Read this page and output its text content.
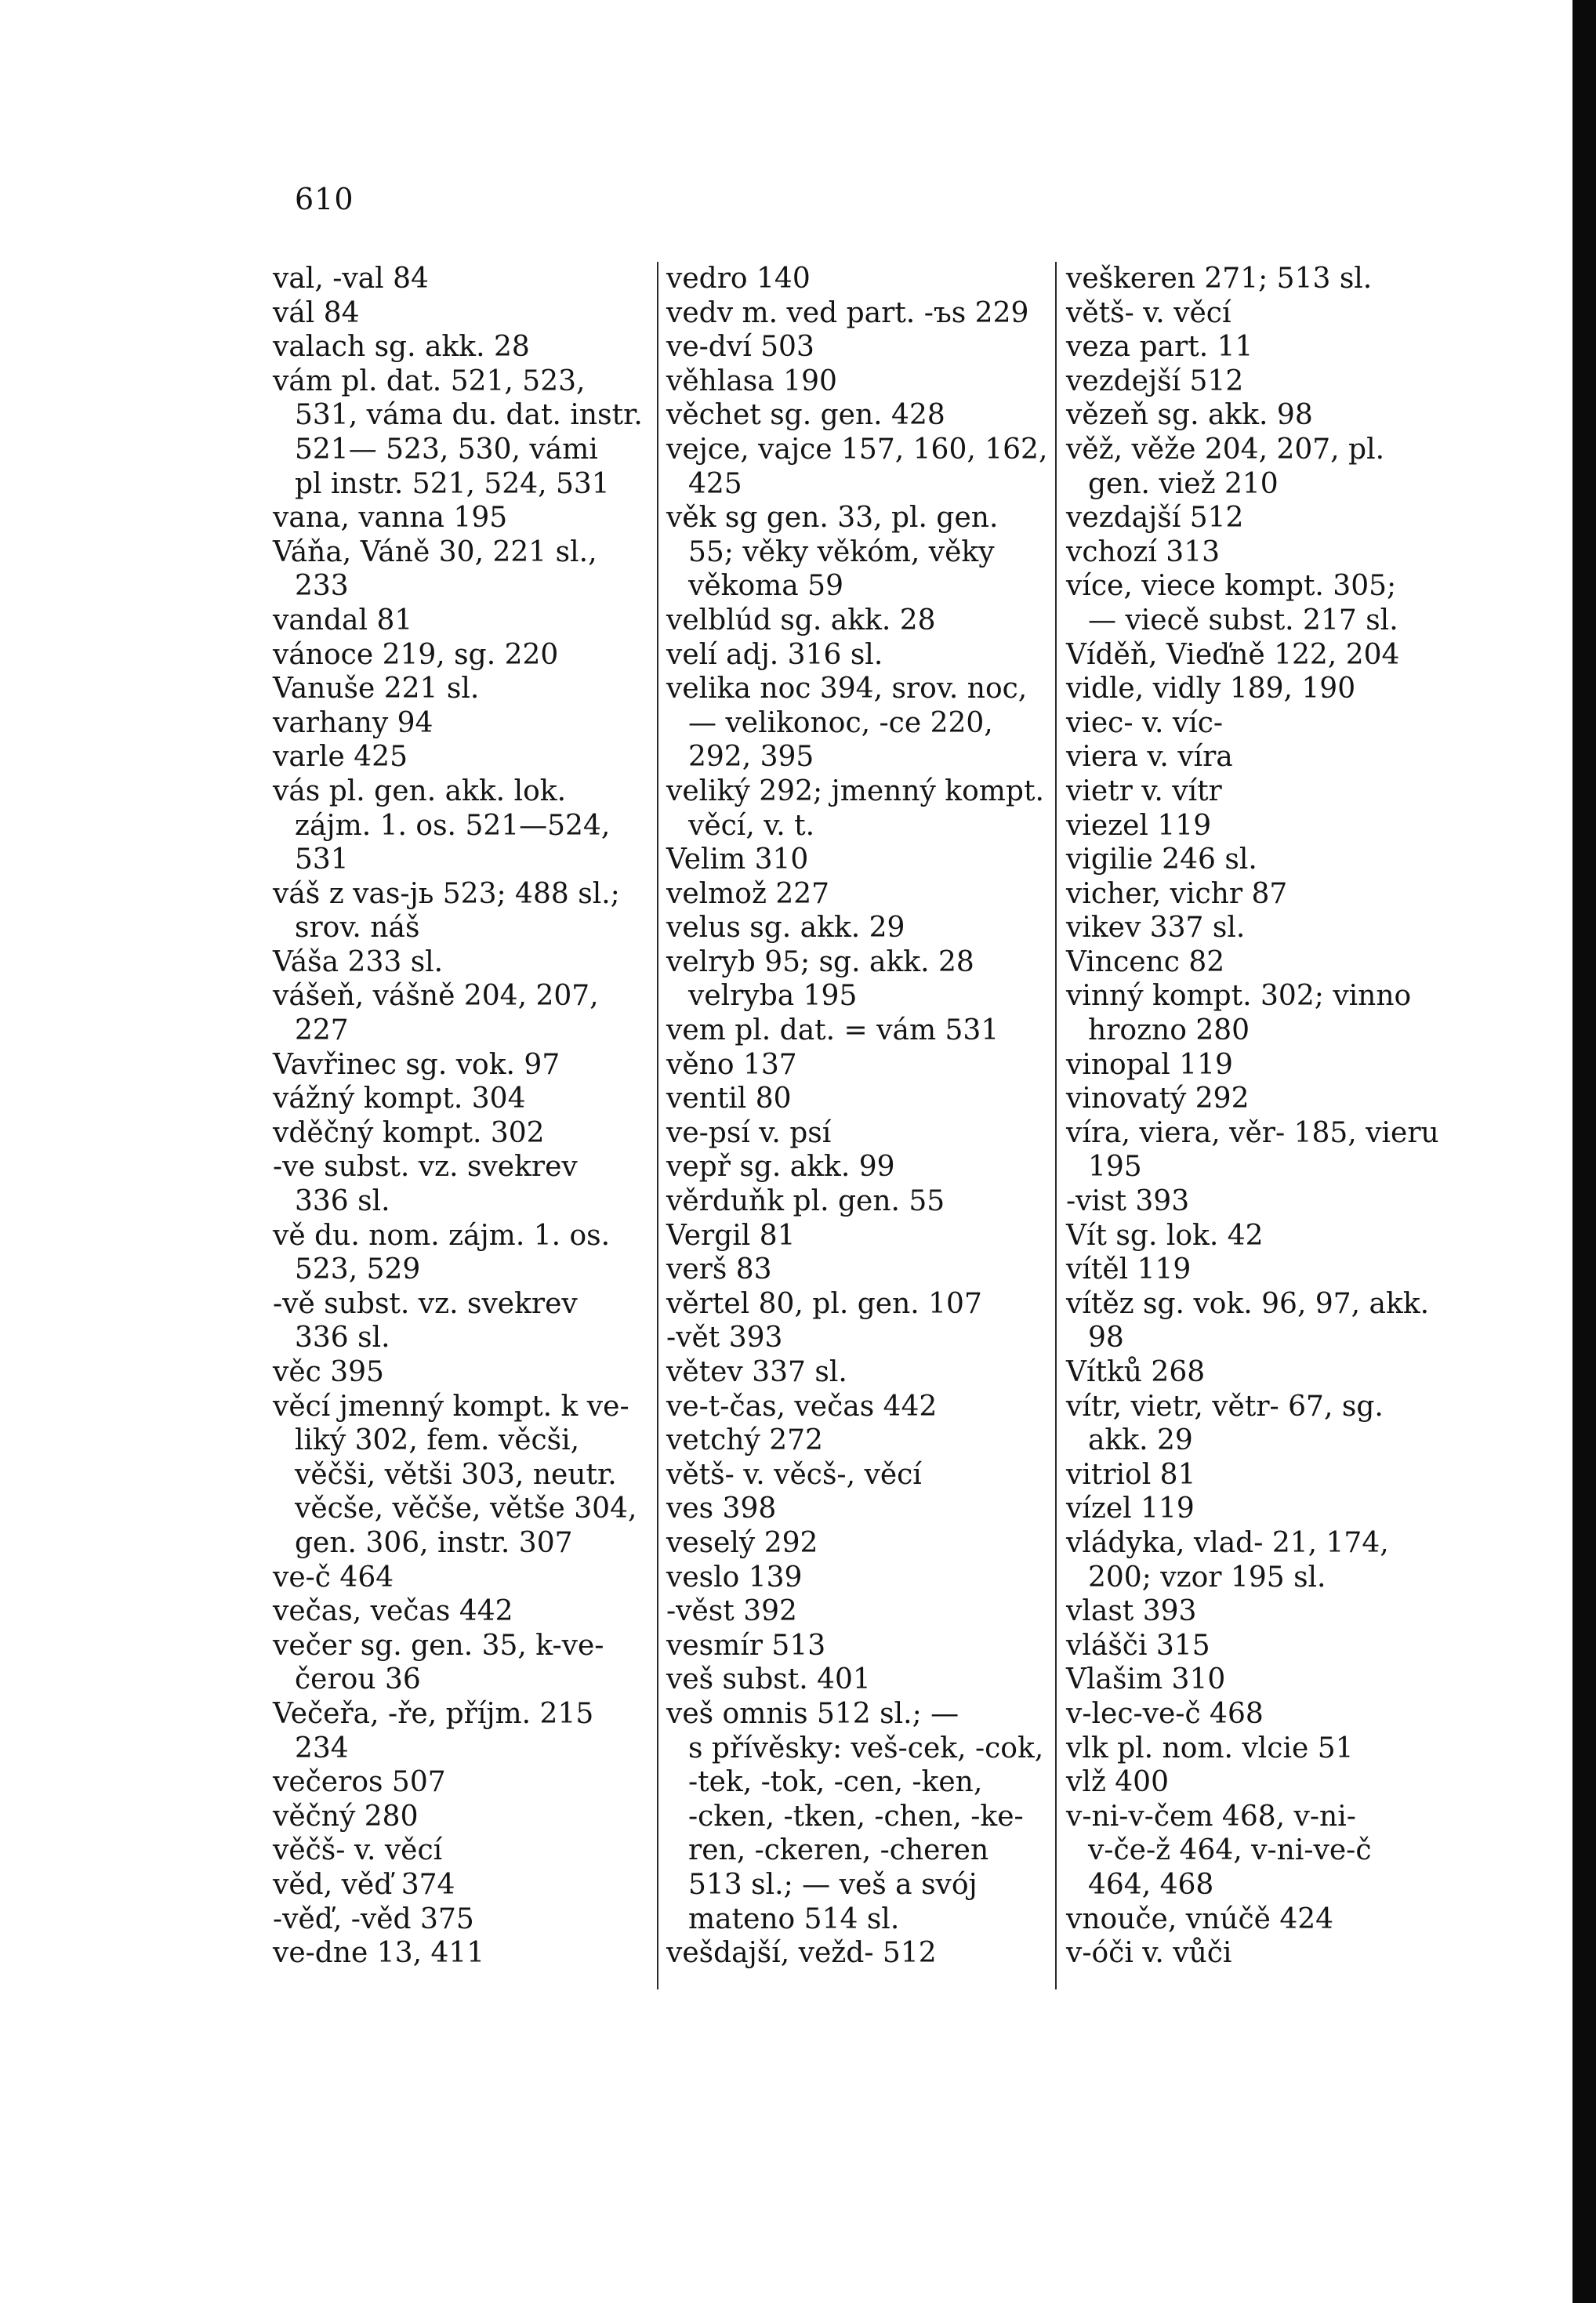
610
val, -val 84
vál 84
valach sg. akk. 28
vám pl. dat. 521, 523,
531, váma du. dat. instr.
521— 523, 530, vámi
pl instr. 521, 524, 531
vana, vanna 195
Váňa, Váně 30, 221 sl.,
233
vandal 81
vánoce 219, sg. 220
Vanuše 221 sl.
varhany 94
varle 425
vás pl. gen. akk. lok.
zájm. 1. os. 521—524,
531
váš z vas-jь 523; 488 sl.;
srov. náš
Váša 233 sl.
vášeň, vášně 204, 207,
227
Vavřinec sg. vok. 97
vážný kompt. 304
vděčný kompt. 302
-ve subst. vz. svekrev
336 sl.
vě du. nom. zájm. 1. os.
523, 529
-vě subst. vz. svekrev
336 sl.
věc 395
věcí jmenný kompt. k ve-
liký 302, fem. věcši,
věčši, větši 303, neutr.
věcše, věčše, větše 304,
gen. 306, instr. 307
ve-č 464
večas, večas 442
večer sg. gen. 35, k-ve-
čerou 36
Večeřa, -ře, příjm. 215
234
večeros 507
věčný 280
věčš- v. věcí
věd, věď 374
-věď, -věd 375
ve-dne 13, 411
vedro 140
vedv m. ved part. -ъs 229
ve-dví 503
věhlasa 190
věchet sg. gen. 428
vejce, vajce 157, 160, 162,
425
věk sg gen. 33, pl. gen.
55; věky věkóm, věky
věkoma 59
velblúd sg. akk. 28
velí adj. 316 sl.
velika noc 394, srov. noc,
— velikonoc, -ce 220,
292, 395
veliký 292; jmenný kompt.
věcí, v. t.
Velim 310
velmož 227
velus sg. akk. 29
velryb 95; sg. akk. 28
velryba 195
vem pl. dat. = vám 531
věno 137
ventil 80
ve-psí v. psí
vepř sg. akk. 99
věrduňk pl. gen. 55
Vergil 81
verš 83
věrtel 80, pl. gen. 107
-vět 393
větev 337 sl.
ve-t-čas, večas 442
vetchý 272
větš- v. věcš-, věcí
ves 398
veselý 292
veslo 139
-věst 392
vesmír 513
veš subst. 401
veš omnis 512 sl.; —
s přívěsky: veš-cek, -cok,
-tek, -tok, -cen, -ken,
-cken, -tken, -chen, -ke-
ren, -ckeren, -cheren
513 sl.; — veš a svój
mateno 514 sl.
vešdajší, vežd- 512
veškeren 271; 513 sl.
větš- v. věcí
veza part. 11
vezdejší 512
vězeň sg. akk. 98
věž, věže 204, 207, pl.
gen. viež 210
vezdajší 512
vchozí 313
více, viece kompt. 305;
— viecě subst. 217 sl.
Víděň, Vieďně 122, 204
vidle, vidly 189, 190
viec- v. víc-
viera v. víra
vietr v. vítr
viezel 119
vigilie 246 sl.
vicher, vichr 87
vikev 337 sl.
Vincenc 82
vinný kompt. 302; vinno
hrozno 280
vinopal 119
vinovatý 292
víra, viera, věr- 185, vieru
195
-vist 393
Vít sg. lok. 42
vítěl 119
vítěz sg. vok. 96, 97, akk.
98
Vítků 268
vítr, vietr, větr- 67, sg.
akk. 29
vitriol 81
vízel 119
vládyka, vlad- 21, 174,
200; vzor 195 sl.
vlast 393
vlášči 315
Vlašim 310
v-lec-ve-č 468
vlk pl. nom. vlcie 51
vlž 400
v-ni-v-čem 468, v-ni-
v-če-ž 464, v-ni-ve-č
464, 468
vnouče, vnúčě 424
v-óči v. vůči
